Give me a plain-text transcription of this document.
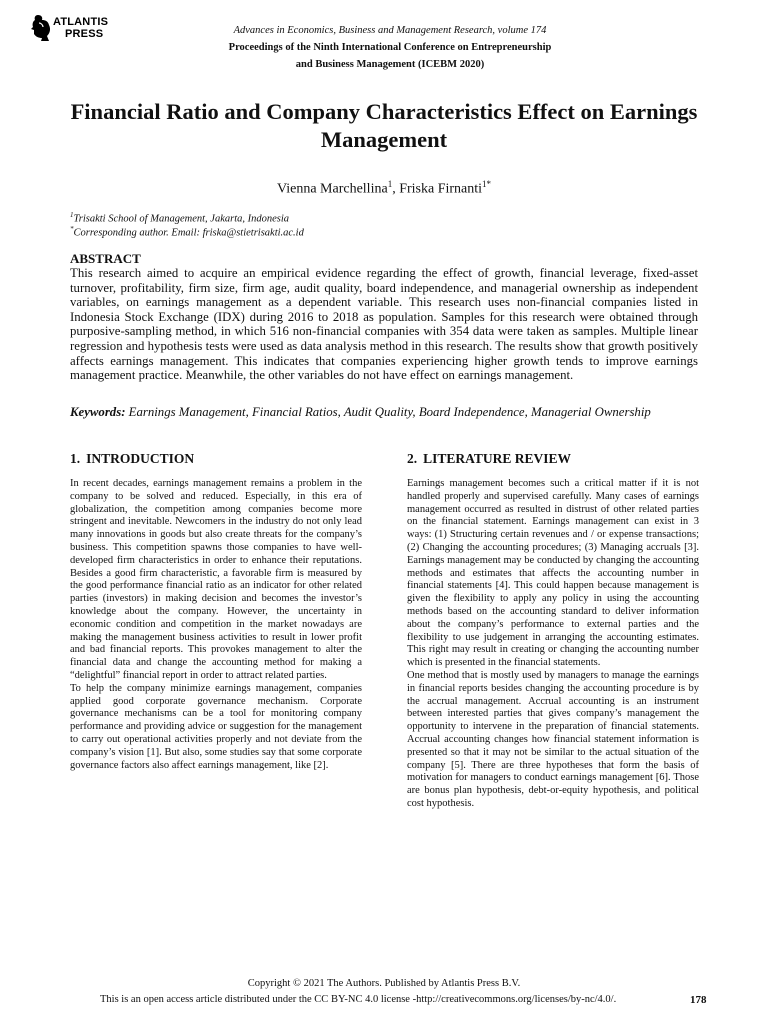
ATLANTIS
PRESS	Advances in Economics, Business and Management Research, volume 174
Proceedings of the Ninth International Conference on Entrepreneurship
and Business Management (ICEBM 2020)
Financial Ratio and Company Characteristics Effect on Earnings Management
Vienna Marchellina$^1$, Friska Firnanti$^{1*}$
$^1$Trisakti School of Management, Jakarta, Indonesia
*Corresponding author. Email: friska@stietrisakti.ac.id
ABSTRACT

This research aimed to acquire an empirical evidence regarding the effect of growth, financial leverage, fixed-asset turnover, profitability, firm size, firm age, audit quality, board independence, and managerial ownership as independent variables, on earnings management as a dependent variable. This research uses non-financial companies listed in Indonesia Stock Exchange (IDX) during 2016 to 2018 as population. Samples for this research were obtained through purposive-sampling method, in which 516 non-financial companies with 354 data were taken as samples. Multiple linear regression and hypothesis tests were used as data analysis method in this research. The results show that growth positively affects earnings management. This indicates that companies experiencing higher growth tends to improve earnings management practice. Meanwhile, the other variables do not have effect on earnings management.

Keywords: Earnings Management, Financial Ratios, Audit Quality, Board Independence, Managerial Ownership

1. INTRODUCTION	2. LITERATURE REVIEW

In recent decades, earnings management remains a problem in the company to be solved and reduced. Especially, in this era of globalization, the competition among companies become more stringent and inevitable. Newcomers in the industry do not only lead many innovations in goods but also create threats for the company’s business. This competition spawns those companies to have well-developed firm characteristics in order to enhance their reputations. Besides a good firm characteristic, a favorable firm is measured by the good performance financial ratio as an indicator for other related parties (investors) in making decision and becomes the investor’s knowledge about the company. However, the uncertainty in economic condition and competition in the market nowadays are making the management business activities to result in lower profit and bad financial reports. This provokes management to alter the financial data and change the accounting method for making a “delightful” financial report in order to attract related parties.

To help the company minimize earnings management, companies applied good corporate governance mechanism. Corporate governance mechanisms can be a tool for monitoring company performance and providing advice or suggestion for the management to carry out operational activities properly and not deviate from the company’s vision [1]. But also, some studies say that some corporate governance factors also affect earnings management, like [2].

Earnings management becomes such a critical matter if it is not handled properly and supervised carefully. Many cases of earnings management occurred as resulted in distrust of other related parties on the financial statement. Earnings management can exist in 3 ways: (1) Structuring certain revenues and / or expense transactions; (2) Changing the accounting procedures; (3) Managing accruals [3]. Earnings management may be conducted by changing the accounting methods and estimates that affects the accounting number in financial statements [4]. This could happen because management is given the flexibility to apply any policy in using the accounting methods based on the accounting standard to deliver information about the company’s performance to external parties and the flexibility to use judgement in arranging the accounting estimates. This right may result in creating or changing the accounting number which is presented in the financial statements.

One method that is mostly used by managers to manage the earnings in financial reports besides changing the accounting procedure is by the accrual management. Accrual accounting is an instrument between interested parties that gives company’s management the opportunity to intervene in the preparation of financial statements. Accrual accounting changes how financial statement information is presented so that it may not be similar to the actual situation of the company [5]. There are three hypotheses that form the basis of motivation for managers to conduct earnings management [6]. Those are bonus plan hypothesis, debt-or-equity hypothesis, and political cost hypothesis.

Copyright © 2021 The Authors. Published by Atlantis Press B.V.
This is an open access article distributed under the CC BY-NC 4.0 license -http://creativecommons.org/licenses/by-nc/4.0/.	178
